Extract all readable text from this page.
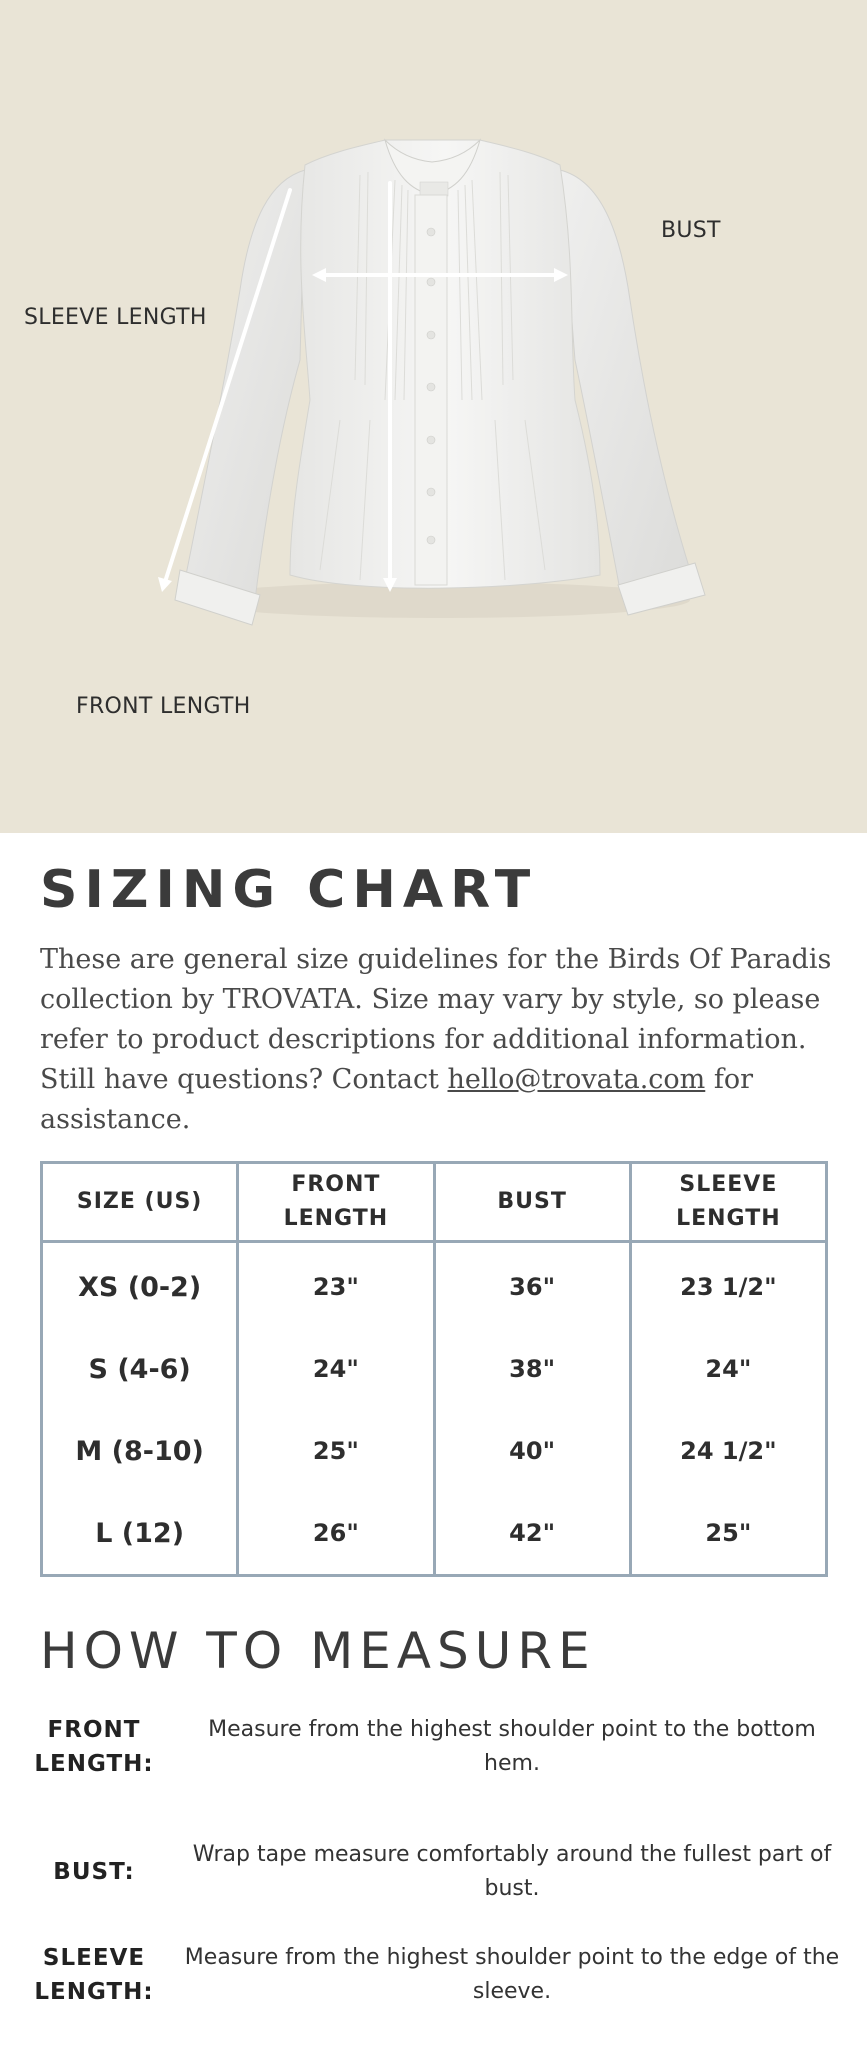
SLEEVE LENGTH
BUST
FRONT LENGTH
SIZING CHART

These are general size guidelines for the Birds Of Paradis collection by TROVATA. Size may vary by style, so please refer to product descriptions for additional information. Still have questions? Contact hello@trovata.com for assistance.

SIZE (US)	FRONT LENGTH	BUST	SLEEVE LENGTH
XS (0-2)	23"	36"	23 1/2"
S (4-6)	24"	38"	24"
M (8-10)	25"	40"	24 1/2"
L (12)	26"	42"	25"
HOW TO MEASURE
FRONT LENGTH:
Measure from the highest shoulder point to the bottom hem.
BUST:
Wrap tape measure comfortably around the fullest part of bust.
SLEEVE LENGTH:
Measure from the highest shoulder point to the edge of the sleeve.
